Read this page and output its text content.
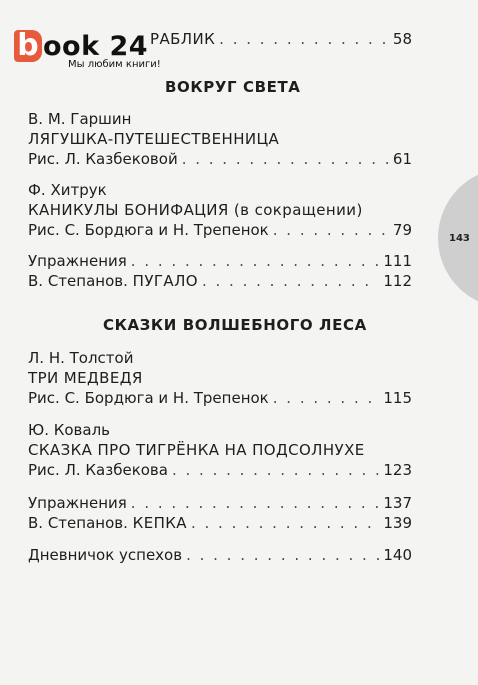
143
b ook 24
Мы любим книги!
РАБЛИК . . .	58
ВОКРУГ СВЕТА
В. М. Гаршин
ЛЯГУШКА-ПУТЕШЕСТВЕННИЦА
Рис. Л. Казбековой . . .	61
Ф. Хитрук
КАНИКУЛЫ БОНИФАЦИЯ (в сокращении)
Рис. С. Бордюга и Н. Трепенок . . .	79
Упражнения . . .	111
В. Степанов.
ПУГАЛО . . .	112
СКАЗКИ ВОЛШЕБНОГО ЛЕСА
Л. Н. Толстой
ТРИ МЕДВЕДЯ
Рис. С. Бордюга и Н. Трепенок . . .	115
Ю. Коваль
СКАЗКА ПРО ТИГРЁНКА НА ПОДСОЛНУХЕ
Рис. Л. Казбекова . . .	123
Упражнения . . .	137
В. Степанов.
КЕПКА . . .	139
Дневничок успехов . . .	140
